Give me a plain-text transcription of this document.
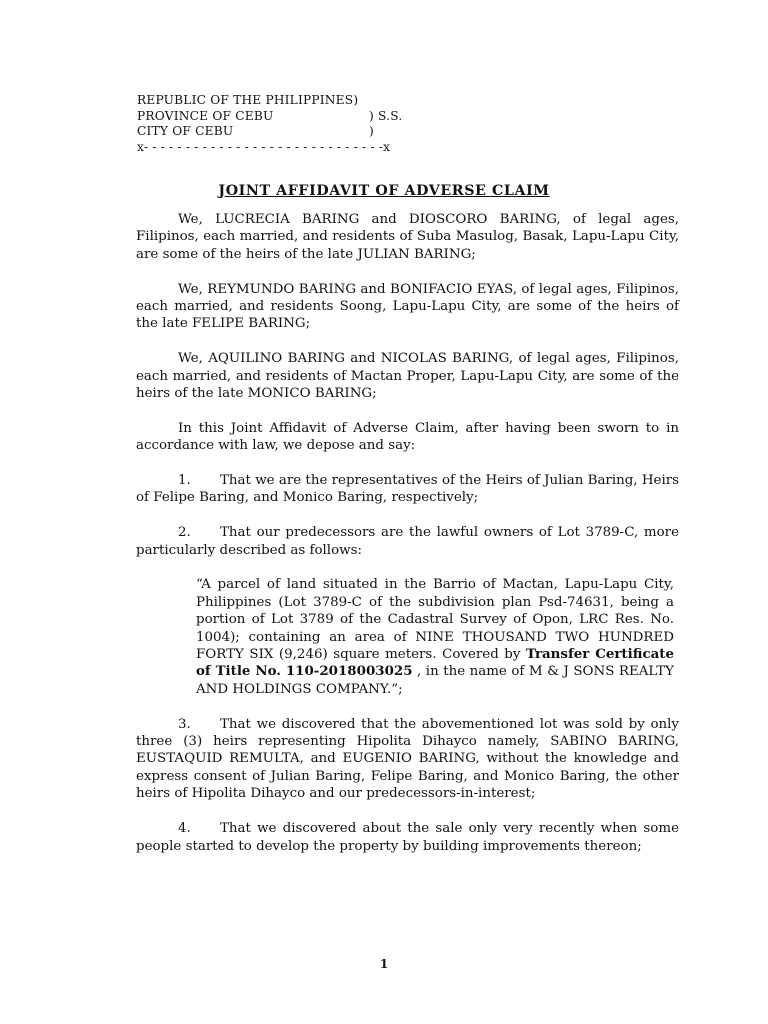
REPUBLIC OF THE PHILIPPINES)
PROVINCE OF CEBU	) S.S.
CITY OF CEBU	)
x- - - - - - - - - - - - - - - - - - - - - - - - - - - - -x
JOINT AFFIDAVIT OF ADVERSE CLAIM

We, LUCRECIA BARING and DIOSCORO BARING, of legal ages, Filipinos, each married, and residents of Suba Masulog, Basak, Lapu-Lapu City, are some of the heirs of the late JULIAN BARING;

We, REYMUNDO BARING and BONIFACIO EYAS, of legal ages, Filipinos, each married, and residents Soong, Lapu-Lapu City, are some of the heirs of the late FELIPE BARING;

We, AQUILINO BARING and NICOLAS BARING, of legal ages, Filipinos, each married, and residents of Mactan Proper, Lapu-Lapu City, are some of the heirs of the late MONICO BARING;

In this Joint Affidavit of Adverse Claim, after having been sworn to in accordance with law, we depose and say:

1. That we are the representatives of the Heirs of Julian Baring, Heirs of Felipe Baring, and Monico Baring, respectively;

2. That our predecessors are the lawful owners of Lot 3789-C, more particularly described as follows:

“A parcel of land situated in the Barrio of Mactan, Lapu-Lapu City, Philippines (Lot 3789-C of the subdivision plan Psd-74631, being a portion of Lot 3789 of the Cadastral Survey of Opon, LRC Res. No. 1004); containing an area of NINE THOUSAND TWO HUNDRED FORTY SIX (9,246) square meters. Covered by Transfer Certificate of Title No. 110-2018003025 , in the name of M & J SONS REALTY AND HOLDINGS COMPANY.”;

3. That we discovered that the abovementioned lot was sold by only three (3) heirs representing Hipolita Dihayco namely, SABINO BARING, EUSTAQUID REMULTA, and EUGENIO BARING, without the knowledge and express consent of Julian Baring, Felipe Baring, and Monico Baring, the other heirs of Hipolita Dihayco and our predecessors-in-interest;

4. That we discovered about the sale only very recently when some people started to develop the property by building improvements thereon;

1
